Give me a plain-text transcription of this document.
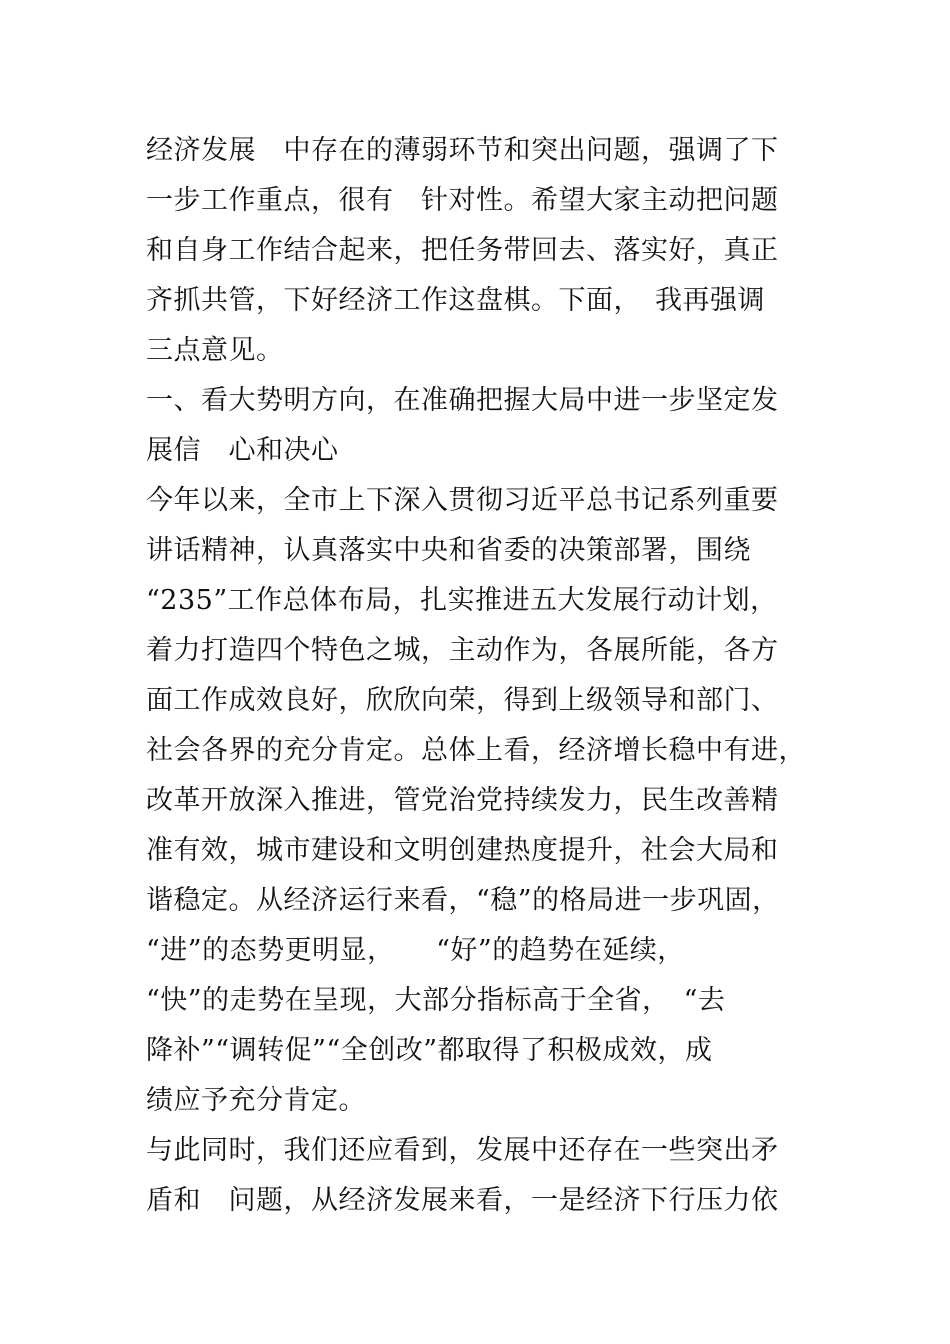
经济发展　中存在的薄弱环节和突出问题，强调了下
一步工作重点，很有　针对性。希望大家主动把问题
和自身工作结合起来，把任务带回去、落实好，真正
齐抓共管，下好经济工作这盘棋。下面，　我再强调
三点意见。
一、看大势明方向，在准确把握大局中进一步坚定发
展信　心和决心
今年以来，全市上下深入贯彻习近平总书记系列重要
讲话精神，认真落实中央和省委的决策部署，围绕
“235”工作总体布局，扎实推进五大发展行动计划，
着力打造四个特色之城，主动作为，各展所能，各方
面工作成效良好，欣欣向荣，得到上级领导和部门、
社会各界的充分肯定。总体上看，经济增长稳中有进，
改革开放深入推进，管党治党持续发力，民生改善精
准有效，城市建设和文明创建热度提升，社会大局和
谐稳定。从经济运行来看，“稳”的格局进一步巩固，
“进”的态势更明显，　　“好”的趋势在延续，
“快”的走势在呈现，大部分指标高于全省，　“去
降补”“调转促”“全创改”都取得了积极成效，成
绩应予充分肯定。
与此同时，我们还应看到，发展中还存在一些突出矛
盾和　问题，从经济发展来看，一是经济下行压力依
